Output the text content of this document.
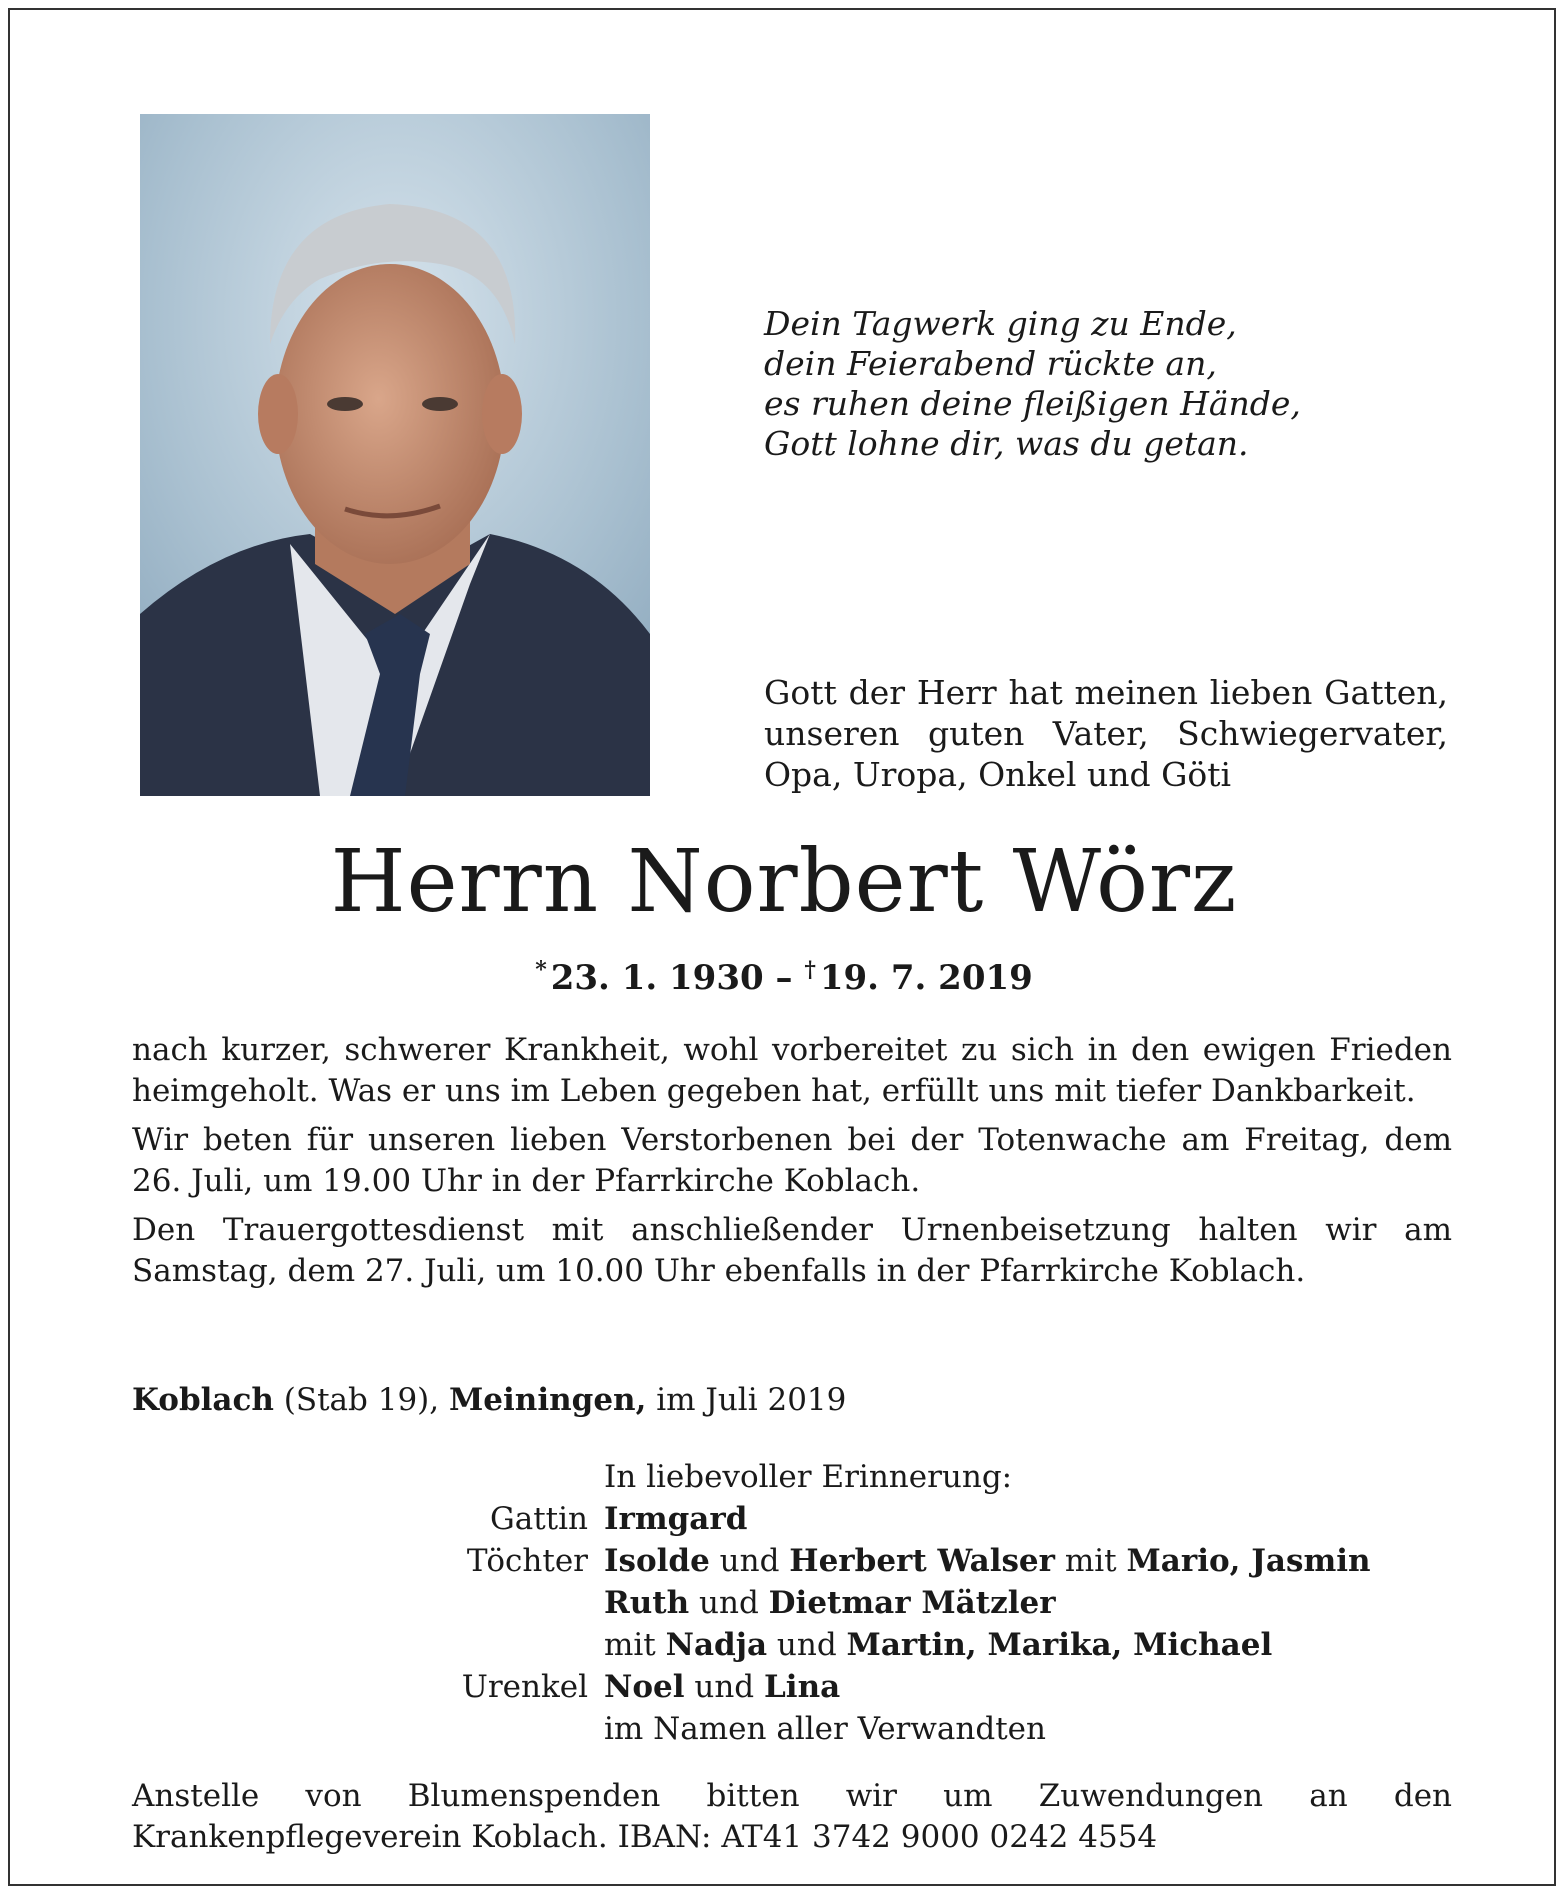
Dein Tagwerk ging zu Ende,
dein Feierabend rückte an,
es ruhen deine fleißigen Hände,
Gott lohne dir, was du getan.
Gott der Herr hat meinen lieben Gatten,
unseren guten Vater, Schwiegervater,
Opa, Uropa, Onkel und Göti
Herrn Norbert Wörz
* 23. 1. 1930 – † 19. 7. 2019

nach kurzer, schwerer Krankheit, wohl vorbereitet zu sich in den ewigen Frieden heimgeholt. Was er uns im Leben gegeben hat, erfüllt uns mit tiefer Dankbarkeit.

Wir beten für unseren lieben Verstorbenen bei der Totenwache am Freitag, dem 26. Juli, um 19.00 Uhr in der Pfarrkirche Koblach.

Den Trauergottesdienst mit anschließender Urnenbeisetzung halten wir am Samstag, dem 27. Juli, um 10.00 Uhr ebenfalls in der Pfarrkirche Koblach.

Koblach (Stab 19), Meiningen, im Juli 2019
In liebevoller Erinnerung:
Gattin Irmgard
Töchter Isolde und Herbert Walser mit Mario, Jasmin
Ruth und Dietmar Mätzler
mit Nadja und Martin, Marika, Michael
Urenkel Noel und Lina
im Namen aller Verwandten
Anstelle von Blumenspenden bitten wir um Zuwendungen an den Krankenpflegeverein Koblach. IBAN: AT41 3742 9000 0242 4554
